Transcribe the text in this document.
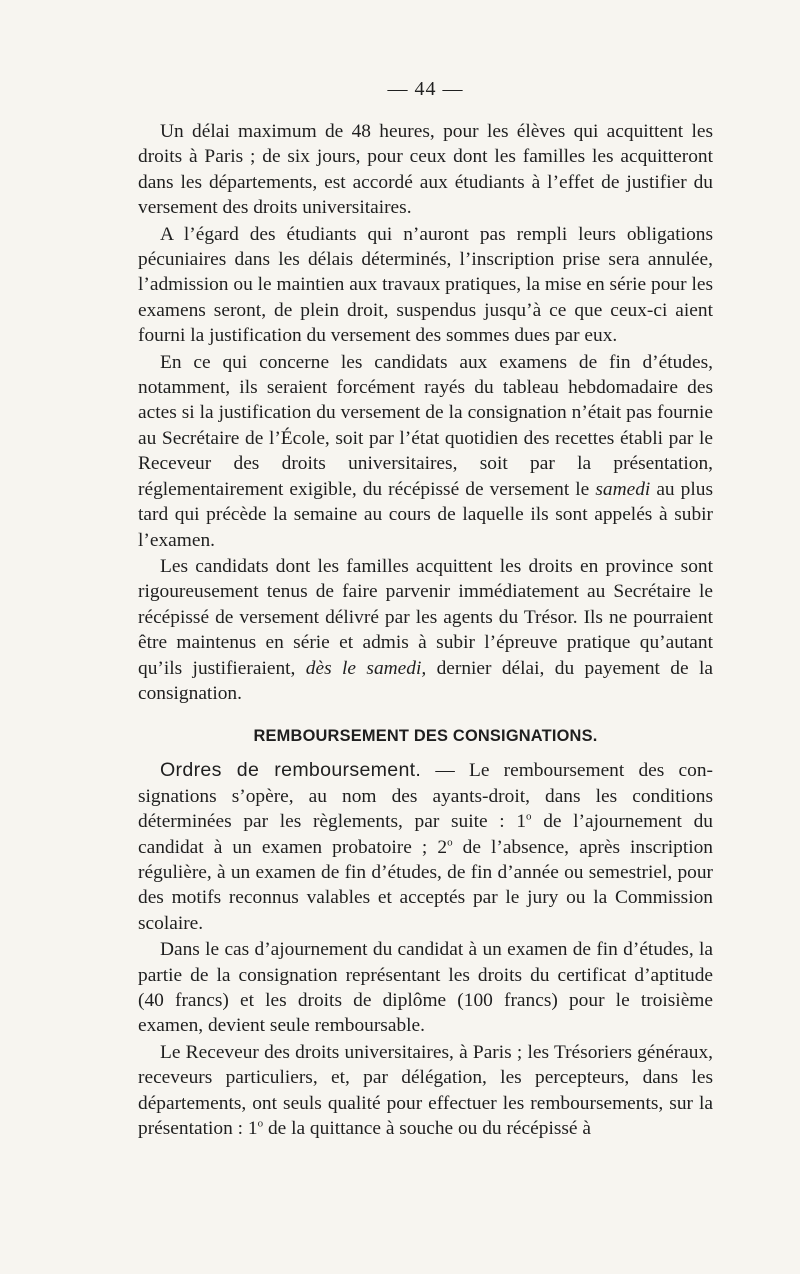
— 44 —

Un délai maximum de 48 heures, pour les élèves qui acquittent les droits à Paris ; de six jours, pour ceux dont les familles les acquitteront dans les départements, est accordé aux étudiants à l’effet de justifier du versement des droits universitaires.

A l’égard des étudiants qui n’auront pas rempli leurs obligations pécuniaires dans les délais déterminés, l’inscription prise sera annulée, l’admission ou le maintien aux travaux pratiques, la mise en série pour les examens seront, de plein droit, suspendus jusqu’à ce que ceux-ci aient fourni la justification du versement des sommes dues par eux.

En ce qui concerne les candidats aux examens de fin d’études, notamment, ils seraient forcément rayés du tableau hebdomadaire des actes si la justification du versement de la consignation n’était pas fournie au Secrétaire de l’École, soit par l’état quotidien des recettes établi par le Receveur des droits universitaires, soit par la présentation, réglementairement exigible, du récépissé de versement le samedi au plus tard qui précède la semaine au cours de laquelle ils sont appelés à subir l’examen.

Les candidats dont les familles acquittent les droits en province sont rigoureusement tenus de faire parvenir immédiatement au Secrétaire le récépissé de versement délivré par les agents du Trésor. Ils ne pourraient être maintenus en série et admis à subir l’épreuve pratique qu’autant qu’ils justifieraient, dès le samedi, dernier délai, du payement de la consignation.

REMBOURSEMENT DES CONSIGNATIONS.

Ordres de remboursement. — Le remboursement des consignations s’opère, au nom des ayants-droit, dans les conditions déterminées par les règlements, par suite : 1$^o$ de l’ajournement du candidat à un examen probatoire ; 2$^o$ de l’absence, après inscription régulière, à un examen de fin d’études, de fin d’année ou semestriel, pour des motifs reconnus valables et acceptés par le jury ou la Commission scolaire.

Dans le cas d’ajournement du candidat à un examen de fin d’études, la partie de la consignation représentant les droits du certificat d’aptitude (40 francs) et les droits de diplôme (100 francs) pour le troisième examen, devient seule remboursable.

Le Receveur des droits universitaires, à Paris ; les Trésoriers généraux, receveurs particuliers, et, par délégation, les percepteurs, dans les départements, ont seuls qualité pour effectuer les remboursements, sur la présentation : 1$^o$ de la quittance à souche ou du récépissé à
